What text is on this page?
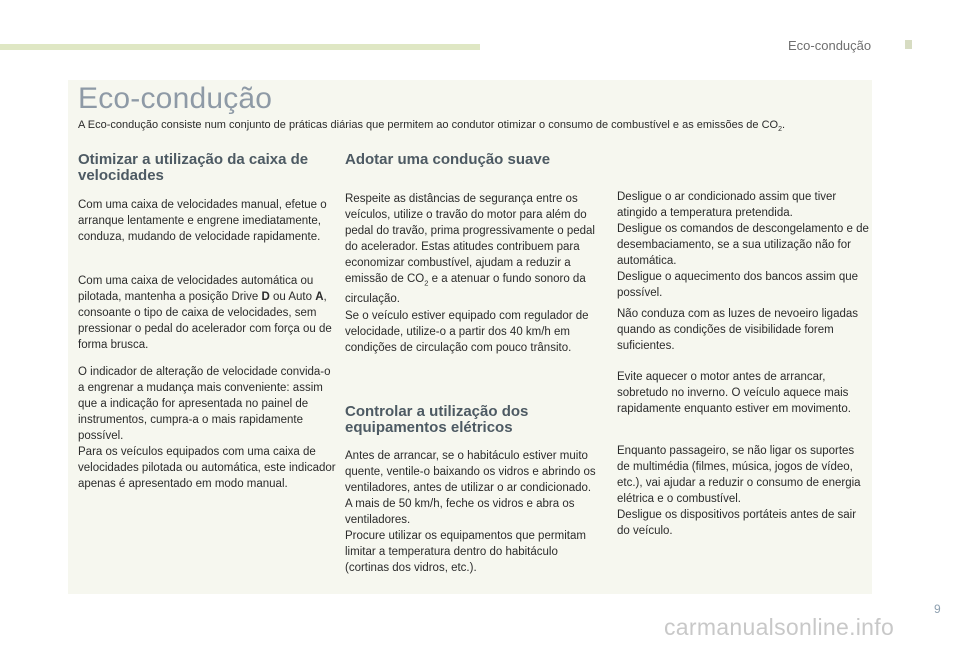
Eco-condução
Eco-condução
A Eco-condução consiste num conjunto de práticas diárias que permitem ao condutor otimizar o consumo de combustível e as emissões de $CO_2$.
Otimizar a utilização da caixa de velocidades

Com uma caixa de velocidades manual, efetue o arranque lentamente e engrene imediatamente, conduza, mudando de velocidade rapidamente.

Com uma caixa de velocidades automática ou pilotada, mantenha a posição Drive D ou Auto A, consoante o tipo de caixa de velocidades, sem pressionar o pedal do acelerador com força ou de forma brusca.

O indicador de alteração de velocidade convida-o a engrenar a mudança mais conveniente: assim que a indicação for apresentada no painel de instrumentos, cumpra-a o mais rapidamente possível.

Para os veículos equipados com uma caixa de velocidades pilotada ou automática, este indicador apenas é apresentado em modo manual.

Adotar uma condução suave

Respeite as distâncias de segurança entre os veículos, utilize o travão do motor para além do pedal do travão, prima progressivamente o pedal do acelerador. Estas atitudes contribuem para economizar combustível, ajudam a reduzir a emissão de $CO_2$ e a atenuar o fundo sonoro da circulação.

Se o veículo estiver equipado com regulador de velocidade, utilize-o a partir dos 40 km/h em condições de circulação com pouco trânsito.

Controlar a utilização dos equipamentos elétricos

Antes de arrancar, se o habitáculo estiver muito quente, ventile-o baixando os vidros e abrindo os ventiladores, antes de utilizar o ar condicionado.

A mais de 50 km/h, feche os vidros e abra os ventiladores.

Procure utilizar os equipamentos que permitam limitar a temperatura dentro do habitáculo (cortinas dos vidros, etc.).

Desligue o ar condicionado assim que tiver atingido a temperatura pretendida.

Desligue os comandos de descongelamento e de desembaciamento, se a sua utilização não for automática.

Desligue o aquecimento dos bancos assim que possível.

Não conduza com as luzes de nevoeiro ligadas quando as condições de visibilidade forem suficientes.

Evite aquecer o motor antes de arrancar, sobretudo no inverno. O veículo aquece mais rapidamente enquanto estiver em movimento.

Enquanto passageiro, se não ligar os suportes de multimédia (filmes, música, jogos de vídeo, etc.), vai ajudar a reduzir o consumo de energia elétrica e o combustível.

Desligue os dispositivos portáteis antes de sair do veículo.

9
carmanualsonline.info
